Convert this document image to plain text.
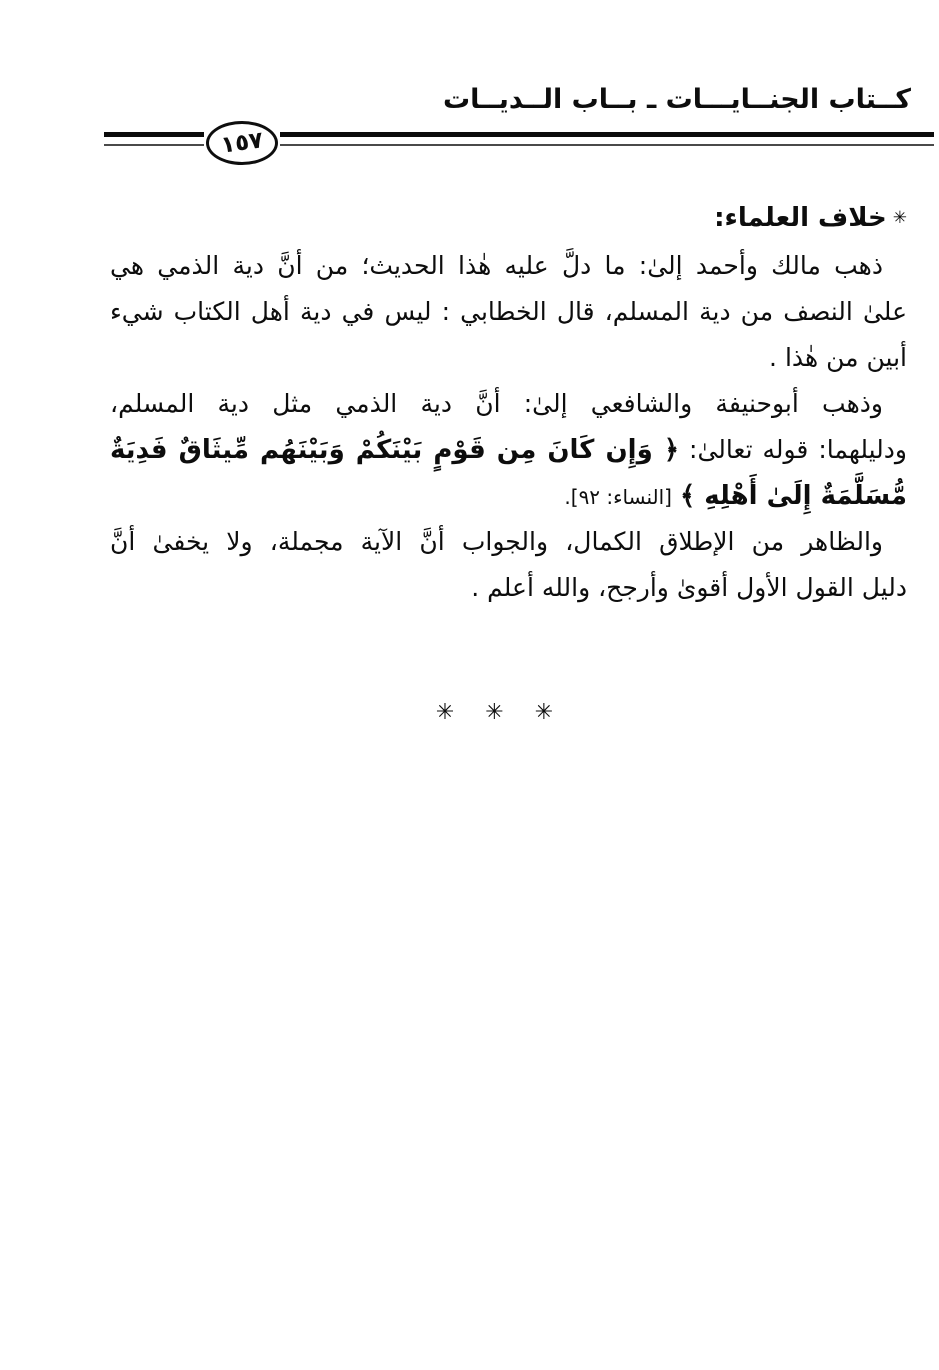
كــتاب الجنــايـــات ـ بــاب الــديــات
١٥٧
✳خلاف العلماء:
ذهب مالك وأحمد إلىٰ: ما دلَّ عليه هٰذا الحديث؛ من أنَّ دية الذمي هي
علىٰ النصف من دية المسلم، قال الخطابي : ليس في دية أهل الكتاب شيء
أبين من هٰذا .
وذهب أبوحنيفة والشافعي إلىٰ: أنَّ دية الذمي مثل دية المسلم،
ودليلهما: قوله تعالىٰ: ﴿ وَإِن كَانَ مِن قَوْمٍ بَيْنَكُمْ وَبَيْنَهُم مِّيثَاقٌ فَدِيَةٌ
مُّسَلَّمَةٌ إِلَىٰ أَهْلِهِ ﴾ [النساء: ٩٢].
والظاهر من الإطلاق الكمال، والجواب أنَّ الآية مجملة، ولا يخفىٰ أنَّ
دليل القول الأول أقوىٰ وأرجح، والله أعلم .
✳ ✳ ✳
